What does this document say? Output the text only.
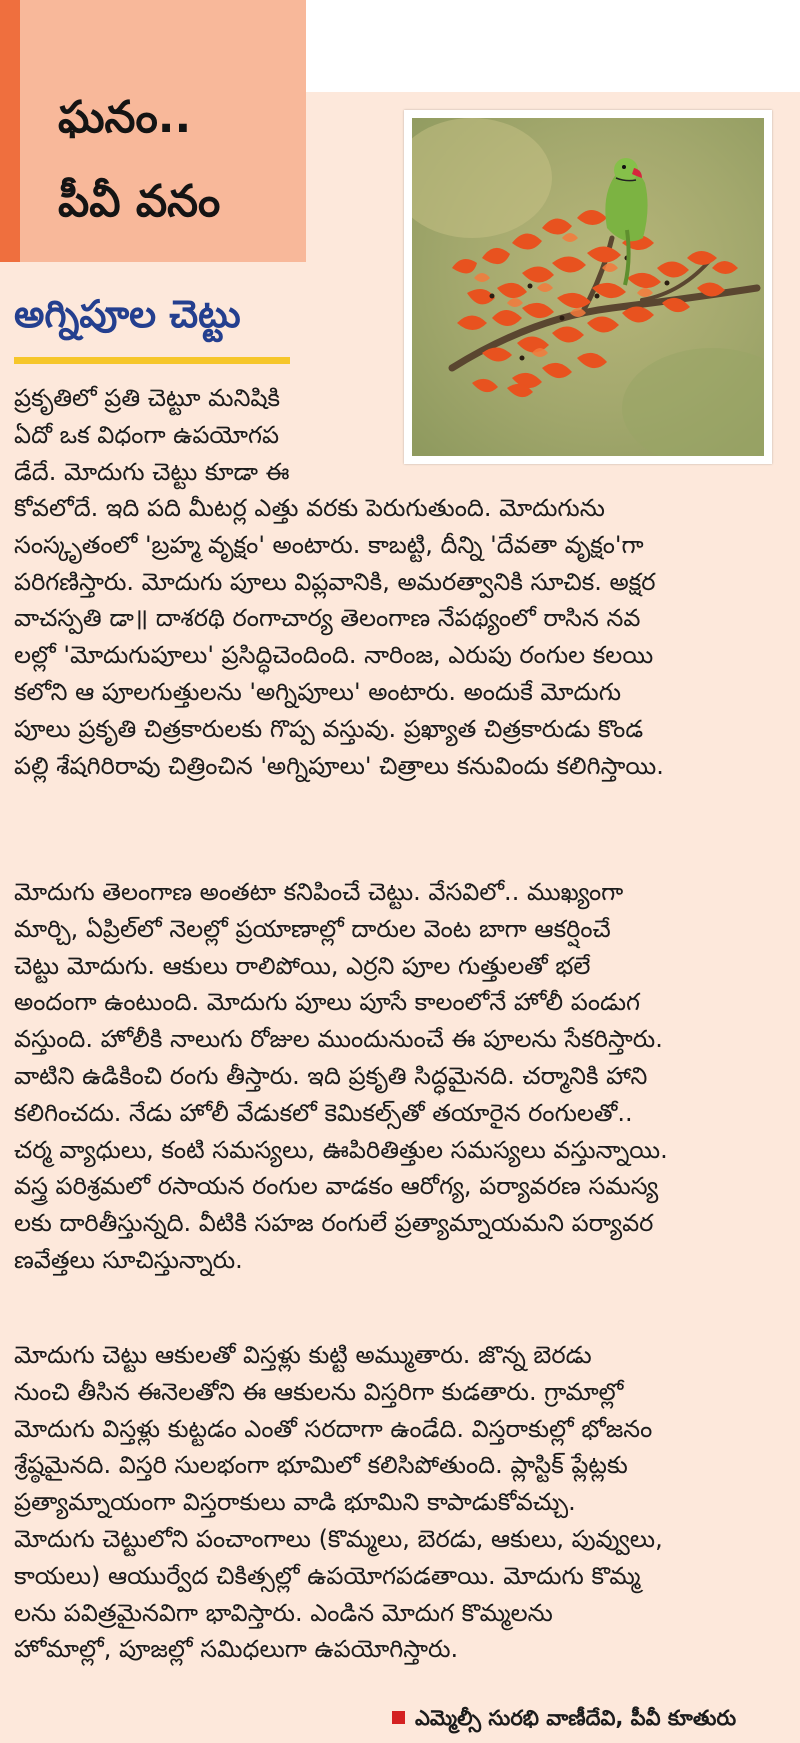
ఘనం..
పీవీ వనం
అగ్నిపూల చెట్టు
ప్రకృతిలో ప్రతి చెట్టూ మనిషికి
ఏదో ఒక విధంగా ఉపయోగప
డేదే. మోదుగు చెట్టు కూడా ఈ
కోవలోదే. ఇది పది మీటర్ల ఎత్తు వరకు పెరుగుతుంది. మోదుగును
సంస్కృతంలో 'బ్రహ్మ వృక్షం' అంటారు. కాబట్టి, దీన్ని 'దేవతా వృక్షం'గా
పరిగణిస్తారు. మోదుగు పూలు విప్లవానికి, అమరత్వానికి సూచిక. అక్షర
వాచస్పతి డా॥ దాశరథి రంగాచార్య తెలంగాణ నేపథ్యంలో రాసిన నవ
లల్లో 'మోదుగుపూలు' ప్రసిద్ధిచెందింది. నారింజ, ఎరుపు రంగుల కలయి
కలోని ఆ పూలగుత్తులను 'అగ్నిపూలు' అంటారు. అందుకే మోదుగు
పూలు ప్రకృతి చిత్రకారులకు గొప్ప వస్తువు. ప్రఖ్యాత చిత్రకారుడు కొండ
పల్లి శేషగిరిరావు చిత్రించిన 'అగ్నిపూలు' చిత్రాలు కనువిందు కలిగిస్తాయి.
మోదుగు తెలంగాణ అంతటా కనిపించే చెట్టు. వేసవిలో.. ముఖ్యంగా
మార్చి, ఏప్రిల్‌లో నెలల్లో ప్రయాణాల్లో దారుల వెంట బాగా ఆకర్షించే
చెట్టు మోదుగు. ఆకులు రాలిపోయి, ఎర్రని పూల గుత్తులతో భలే
అందంగా ఉంటుంది. మోదుగు పూలు పూసే కాలంలోనే హోలీ పండుగ
వస్తుంది. హోలీకి నాలుగు రోజుల ముందునుంచే ఈ పూలను సేకరిస్తారు.
వాటిని ఉడికించి రంగు తీస్తారు. ఇది ప్రకృతి సిద్ధమైనది. చర్మానికి హాని
కలిగించదు. నేడు హోలీ వేడుకలో కెమికల్స్‌తో తయారైన రంగులతో..
చర్మ వ్యాధులు, కంటి సమస్యలు, ఊపిరితిత్తుల సమస్యలు వస్తున్నాయి.
వస్త్ర పరిశ్రమలో రసాయన రంగుల వాడకం ఆరోగ్య, పర్యావరణ సమస్య
లకు దారితీస్తున్నది. వీటికి సహజ రంగులే ప్రత్యామ్నాయమని పర్యావర
ణవేత్తలు సూచిస్తున్నారు.
మోదుగు చెట్టు ఆకులతో విస్తళ్లు కుట్టి అమ్ముతారు. జొన్న బెరడు
నుంచి తీసిన ఈనెలతోని ఈ ఆకులను విస్తరిగా కుడతారు. గ్రామాల్లో
మోదుగు విస్తళ్లు కుట్టడం ఎంతో సరదాగా ఉండేది. విస్తరాకుల్లో భోజనం
శ్రేష్ఠమైనది. విస్తరి సులభంగా భూమిలో కలిసిపోతుంది. ప్లాస్టిక్ ప్లేట్లకు
ప్రత్యామ్నాయంగా విస్తరాకులు వాడి భూమిని కాపాడుకోవచ్చు.
మోదుగు చెట్టులోని పంచాంగాలు (కొమ్మలు, బెరడు, ఆకులు, పువ్వులు,
కాయలు) ఆయుర్వేద చికిత్సల్లో ఉపయోగపడతాయి. మోదుగు కొమ్మ
లను పవిత్రమైనవిగా భావిస్తారు. ఎండిన మోదుగ కొమ్మలను
హోమాల్లో, పూజల్లో సమిధలుగా ఉపయోగిస్తారు.
ఎమ్మెల్సీ సురభి వాణీదేవి, పీవీ కూతురు
